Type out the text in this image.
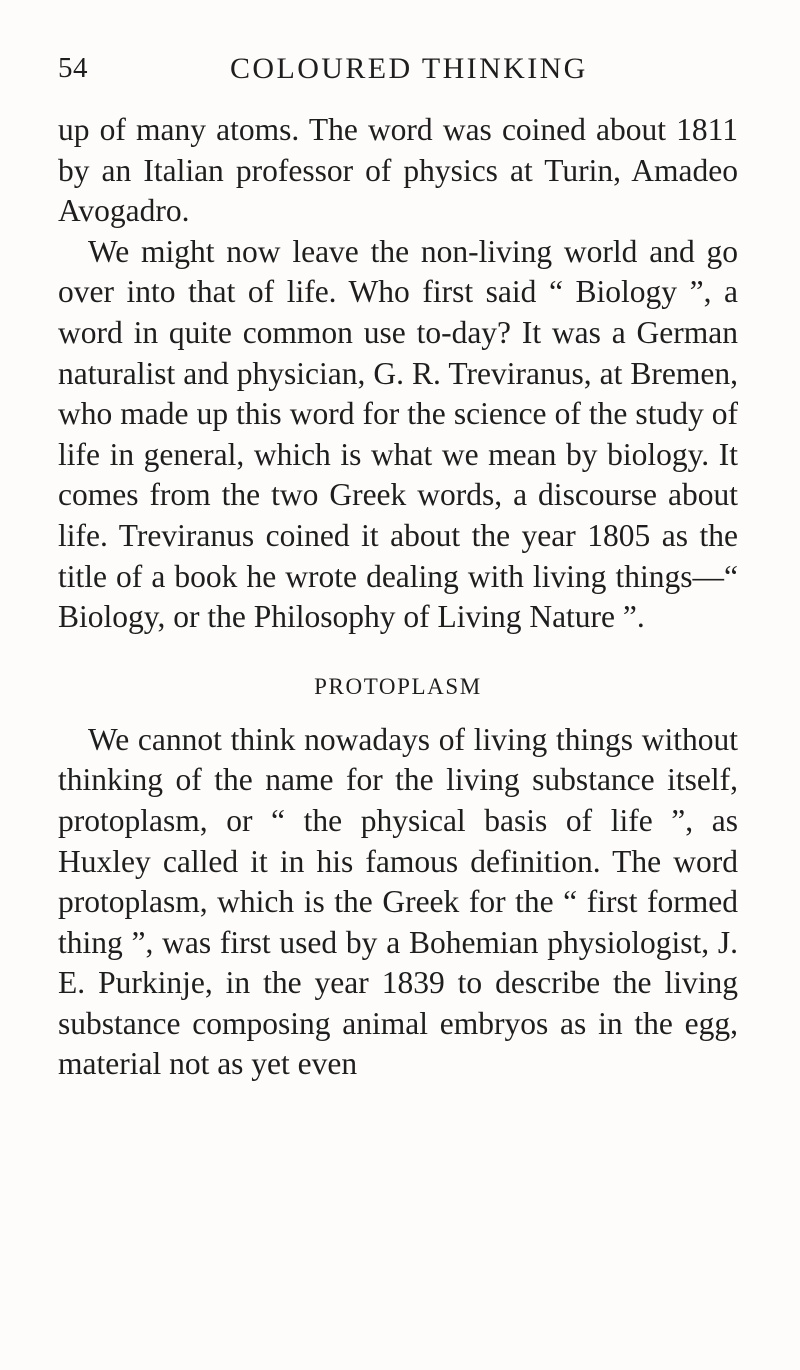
54	COLOURED THINKING

up of many atoms. The word was coined about 1811 by an Italian professor of physics at Turin, Amadeo Avogadro.

We might now leave the non-living world and go over into that of life. Who first said “ Biology ”, a word in quite common use to-day? It was a German naturalist and physician, G. R. Treviranus, at Bremen, who made up this word for the science of the study of life in general, which is what we mean by biology. It comes from the two Greek words, a discourse about life. Treviranus coined it about the year 1805 as the title of a book he wrote dealing with living things—“ Biology, or the Philosophy of Living Nature ”.

PROTOPLASM

We cannot think nowadays of living things without thinking of the name for the living substance itself, protoplasm, or “ the physical basis of life ”, as Huxley called it in his famous definition. The word protoplasm, which is the Greek for the “ first formed thing ”, was first used by a Bohemian physiologist, J. E. Purkinje, in the year 1839 to describe the living substance composing animal embryos as in the egg, material not as yet even
